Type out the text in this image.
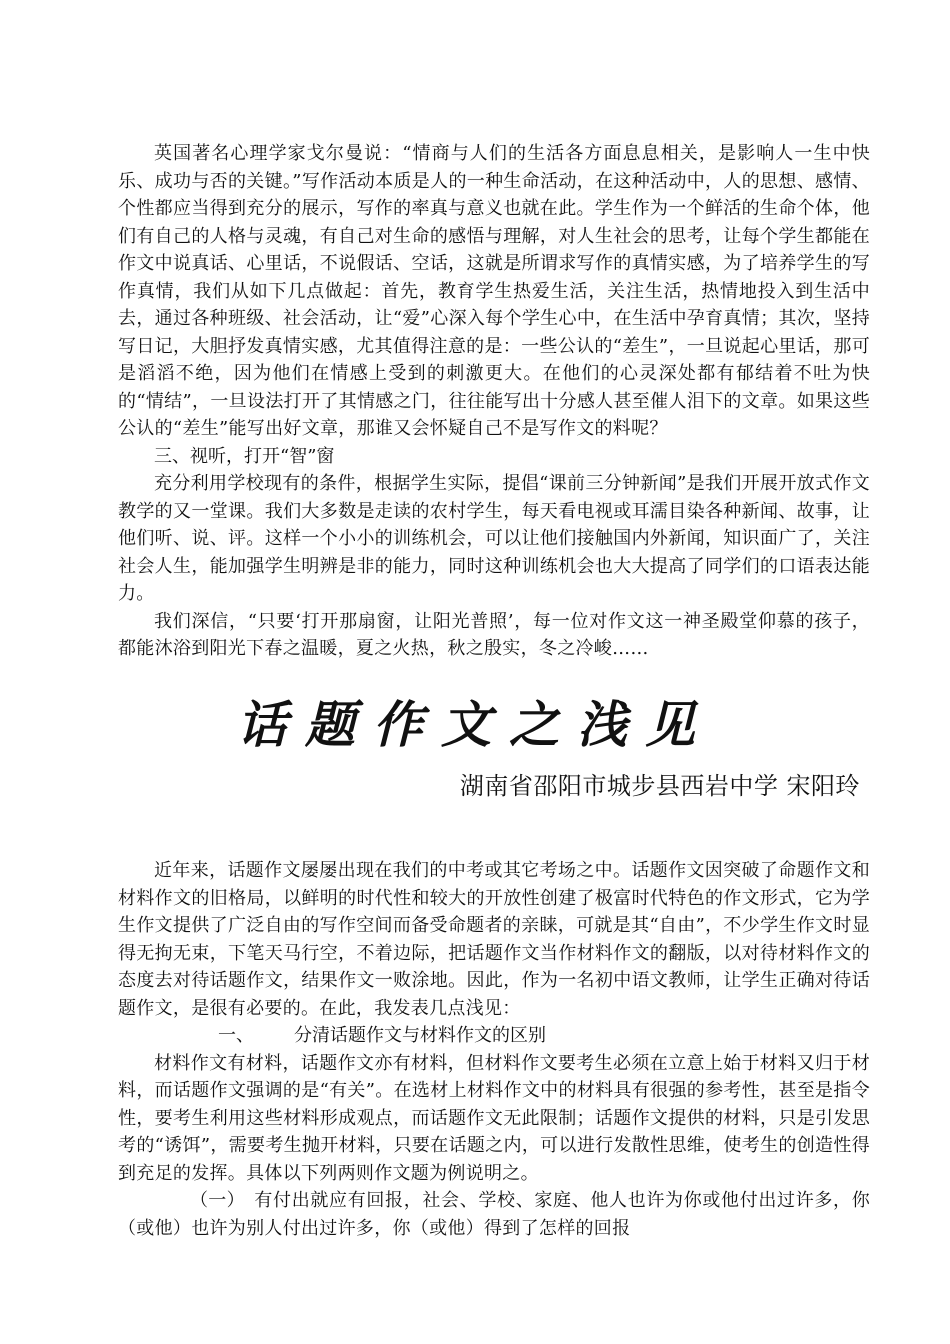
英国著名心理学家戈尔曼说：“情商与人们的生活各方面息息相关，是影响人一生中快乐、成功与否的关键。”写作活动本质是人的一种生命活动，在这种活动中，人的思想、感情、个性都应当得到充分的展示，写作的率真与意义也就在此。学生作为一个鲜活的生命个体，他们有自己的人格与灵魂，有自己对生命的感悟与理解，对人生社会的思考，让每个学生都能在作文中说真话、心里话，不说假话、空话，这就是所谓求写作的真情实感，为了培养学生的写作真情，我们从如下几点做起：首先，教育学生热爱生活，关注生活，热情地投入到生活中去，通过各种班级、社会活动，让“爱”心深入每个学生心中，在生活中孕育真情；其次，坚持写日记，大胆抒发真情实感，尤其值得注意的是：一些公认的“差生”，一旦说起心里话，那可是滔滔不绝，因为他们在情感上受到的刺激更大。在他们的心灵深处都有郁结着不吐为快的“情结”，一旦设法打开了其情感之门，往往能写出十分感人甚至催人泪下的文章。如果这些公认的“差生”能写出好文章，那谁又会怀疑自己不是写作文的料呢？

三、视听，打开“智”窗

充分利用学校现有的条件，根据学生实际，提倡“课前三分钟新闻”是我们开展开放式作文教学的又一堂课。我们大多数是走读的农村学生，每天看电视或耳濡目染各种新闻、故事，让他们听、说、评。这样一个小小的训练机会，可以让他们接触国内外新闻，知识面广了，关注社会人生，能加强学生明辨是非的能力，同时这种训练机会也大大提高了同学们的口语表达能力。

我们深信，“只要‘打开那扇窗，让阳光普照’，每一位对作文这一神圣殿堂仰慕的孩子，都能沐浴到阳光下春之温暖，夏之火热，秋之殷实，冬之冷峻……

话题作文之浅见

湖南省邵阳市城步县西岩中学 宋阳玲

近年来，话题作文屡屡出现在我们的中考或其它考场之中。话题作文因突破了命题作文和材料作文的旧格局，以鲜明的时代性和较大的开放性创建了极富时代特色的作文形式，它为学生作文提供了广泛自由的写作空间而备受命题者的亲睐，可就是其“自由”，不少学生作文时显得无拘无束，下笔天马行空，不着边际，把话题作文当作材料作文的翻版，以对待材料作文的态度去对待话题作文，结果作文一败涂地。因此，作为一名初中语文教师，让学生正确对待话题作文，是很有必要的。在此，我发表几点浅见：

一、 分清话题作文与材料作文的区别

材料作文有材料，话题作文亦有材料，但材料作文要考生必须在立意上始于材料又归于材料，而话题作文强调的是“有关”。在选材上材料作文中的材料具有很强的参考性，甚至是指令性，要考生利用这些材料形成观点，而话题作文无此限制；话题作文提供的材料，只是引发思考的“诱饵”，需要考生抛开材料，只要在话题之内，可以进行发散性思维，使考生的创造性得到充足的发挥。具体以下列两则作文题为例说明之。

（一） 有付出就应有回报，社会、学校、家庭、他人也许为你或他付出过许多，你（或他）也许为别人付出过许多，你（或他）得到了怎样的回报
